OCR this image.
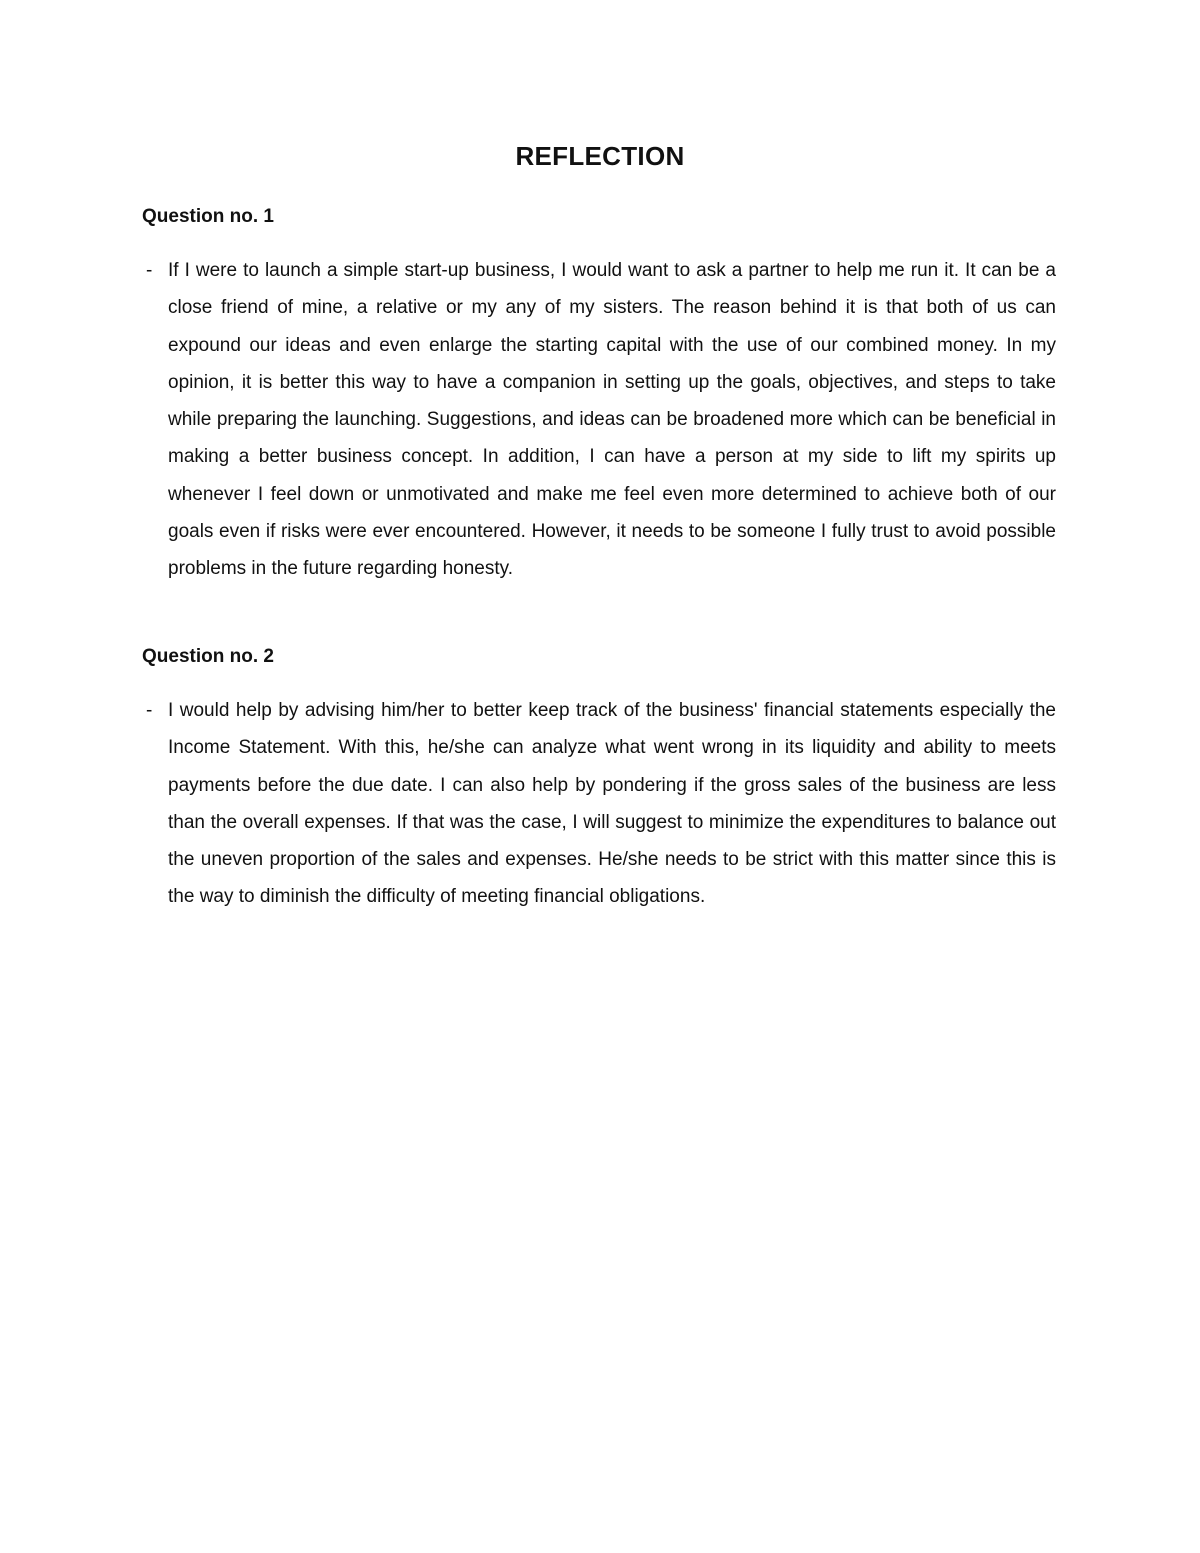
REFLECTION
Question no. 1
- If I were to launch a simple start-up business, I would want to ask a partner to help me run it. It can be a close friend of mine, a relative or my any of my sisters. The reason behind it is that both of us can expound our ideas and even enlarge the starting capital with the use of our combined money. In my opinion, it is better this way to have a companion in setting up the goals, objectives, and steps to take while preparing the launching. Suggestions, and ideas can be broadened more which can be beneficial in making a better business concept. In addition, I can have a person at my side to lift my spirits up whenever I feel down or unmotivated and make me feel even more determined to achieve both of our goals even if risks were ever encountered. However, it needs to be someone I fully trust to avoid possible problems in the future regarding honesty.

Question no. 2
- I would help by advising him/her to better keep track of the business' financial statements especially the Income Statement. With this, he/she can analyze what went wrong in its liquidity and ability to meets payments before the due date. I can also help by pondering if the gross sales of the business are less than the overall expenses. If that was the case, I will suggest to minimize the expenditures to balance out the uneven proportion of the sales and expenses. He/she needs to be strict with this matter since this is the way to diminish the difficulty of meeting financial obligations.
